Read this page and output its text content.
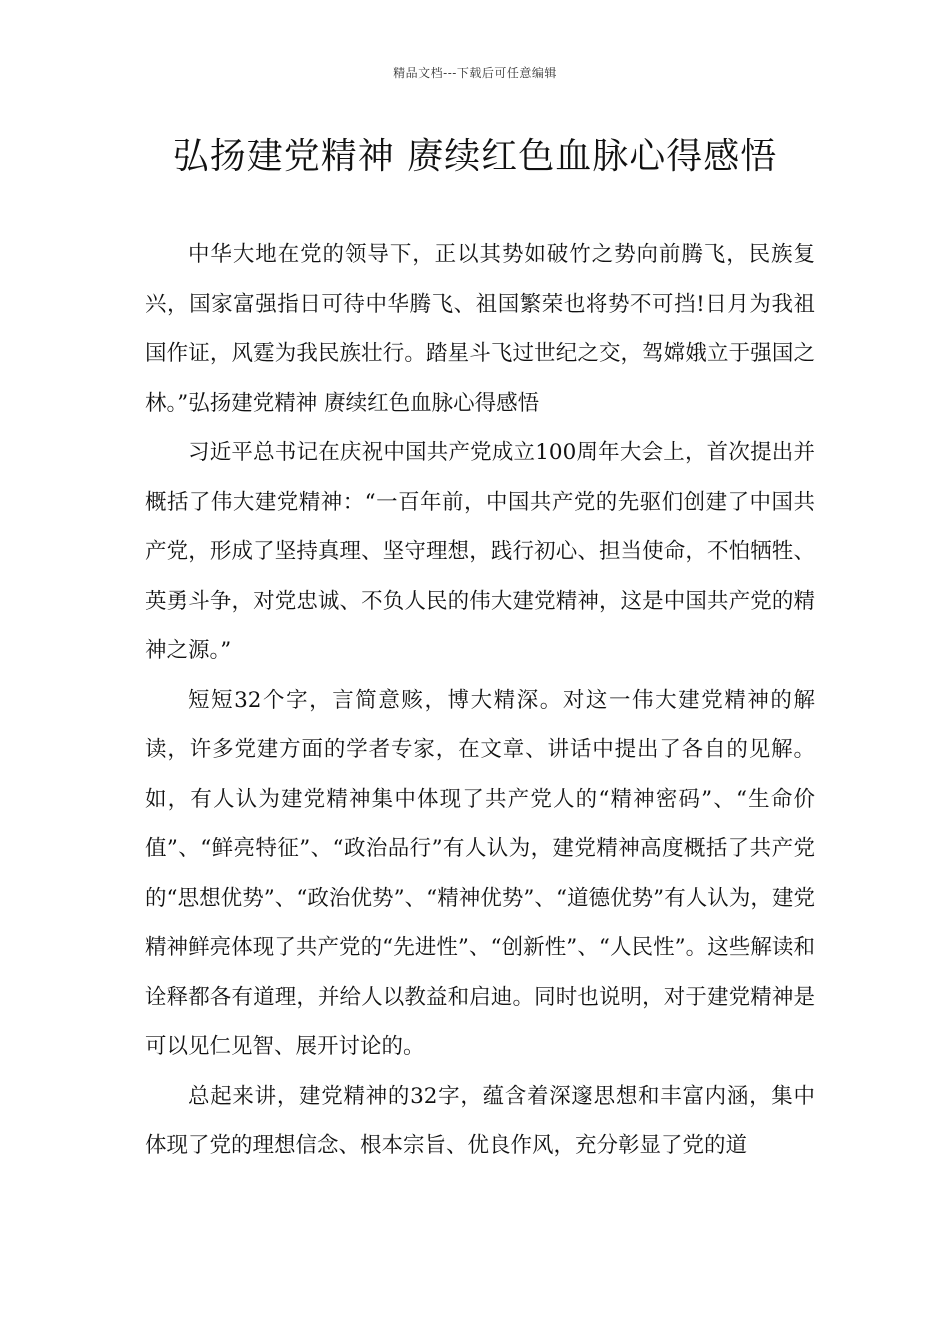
精品文档---下载后可任意编辑
弘扬建党精神 赓续红色血脉心得感悟

中华大地在党的领导下，正以其势如破竹之势向前腾飞，民族复兴，国家富强指日可待中华腾飞、祖国繁荣也将势不可挡!日月为我祖国作证，风霆为我民族壮行。踏星斗飞过世纪之交，驾嫦娥立于强国之林。”弘扬建党精神 赓续红色血脉心得感悟

习近平总书记在庆祝中国共产党成立100周年大会上，首次提出并概括了伟大建党精神：“一百年前，中国共产党的先驱们创建了中国共产党，形成了坚持真理、坚守理想，践行初心、担当使命，不怕牺牲、英勇斗争，对党忠诚、不负人民的伟大建党精神，这是中国共产党的精神之源。”

短短32个字，言简意赅，博大精深。对这一伟大建党精神的解读，许多党建方面的学者专家，在文章、讲话中提出了各自的见解。如，有人认为建党精神集中体现了共产党人的“精神密码”、“生命价值”、“鲜亮特征”、“政治品行”有人认为，建党精神高度概括了共产党的“思想优势”、“政治优势”、“精神优势”、“道德优势”有人认为，建党精神鲜亮体现了共产党的“先进性”、“创新性”、“人民性”。这些解读和诠释都各有道理，并给人以教益和启迪。同时也说明，对于建党精神是可以见仁见智、展开讨论的。

总起来讲，建党精神的32字，蕴含着深邃思想和丰富内涵，集中体现了党的理想信念、根本宗旨、优良作风，充分彰显了党的道
